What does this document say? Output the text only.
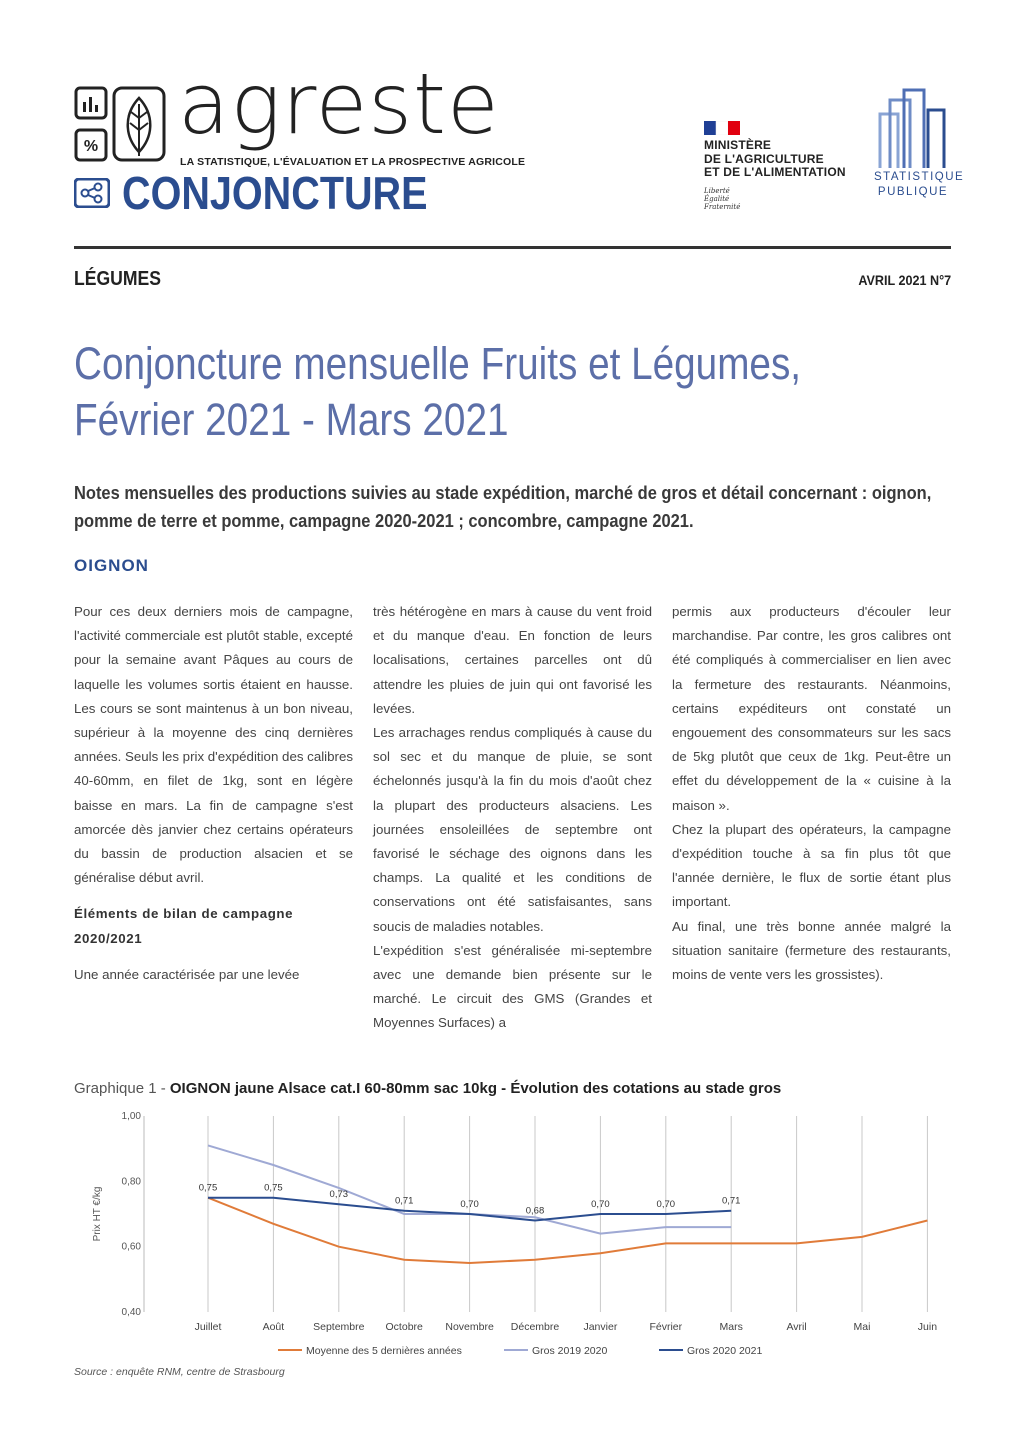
% agreste
LA STATISTIQUE, L'ÉVALUATION ET LA PROSPECTIVE AGRICOLE
CONJONCTURE
MINISTÈRE
DE L'AGRICULTURE
ET DE L'ALIMENTATION
Liberté
Égalité
Fraternité
STATISTIQUE
PUBLIQUE
LÉGUMES	AVRIL 2021 N°7
Conjoncture mensuelle Fruits et Légumes,
Février 2021 - Mars 2021
Notes mensuelles des productions suivies au stade expédition, marché de gros et détail concernant : oignon, pomme de terre et pomme, campagne 2020-2021 ; concombre, campagne 2021.
OIGNON

Pour ces deux derniers mois de campagne, l'activité commerciale est plutôt stable, excepté pour la semaine avant Pâques au cours de laquelle les volumes sortis étaient en hausse. Les cours se sont maintenus à un bon niveau, supérieur à la moyenne des cinq dernières années. Seuls les prix d'expédition des calibres 40-60mm, en filet de 1kg, sont en légère baisse en mars. La fin de campagne s'est amorcée dès janvier chez certains opérateurs du bassin de production alsacien et se généralise début avril.

Éléments de bilan de campagne 2020/2021

Une année caractérisée par une levée

très hétérogène en mars à cause du vent froid et du manque d'eau. En fonction de leurs localisations, certaines parcelles ont dû attendre les pluies de juin qui ont favorisé les levées.

Les arrachages rendus compliqués à cause du sol sec et du manque de pluie, se sont échelonnés jusqu'à la fin du mois d'août chez la plupart des producteurs alsaciens. Les journées ensoleillées de septembre ont favorisé le séchage des oignons dans les champs. La qualité et les conditions de conservations ont été satisfaisantes, sans soucis de maladies notables.

L'expédition s'est généralisée mi-septembre avec une demande bien présente sur le marché. Le circuit des GMS (Grandes et Moyennes Surfaces) a

permis aux producteurs d'écouler leur marchandise. Par contre, les gros calibres ont été compliqués à commercialiser en lien avec la fermeture des restaurants. Néanmoins, certains expéditeurs ont constaté un engouement des consommateurs sur les sacs de 5kg plutôt que ceux de 1kg. Peut-être un effet du développement de la « cuisine à la maison ».

Chez la plupart des opérateurs, la campagne d'expédition touche à sa fin plus tôt que l'année dernière, le flux de sortie étant plus important.

Au final, une très bonne année malgré la situation sanitaire (fermeture des restaurants, moins de vente vers les grossistes).

Graphique 1 - OIGNON jaune Alsace cat.I 60-80mm sac 10kg - Évolution des cotations au stade gros
1,00
0,80
0,60
0,40
Prix HT €/kg
Juillet	Août	Septembre Octobre Novembre Décembre Janvier	Février	Mars	Avril	Mai	Juin
0,75	0,75
0,73
0,71	0,70
0,68
0,70	0,70	0,71
Moyenne des 5 dernières années	Gros 2019 2020	Gros 2020 2021
Source : enquête RNM, centre de Strasbourg
